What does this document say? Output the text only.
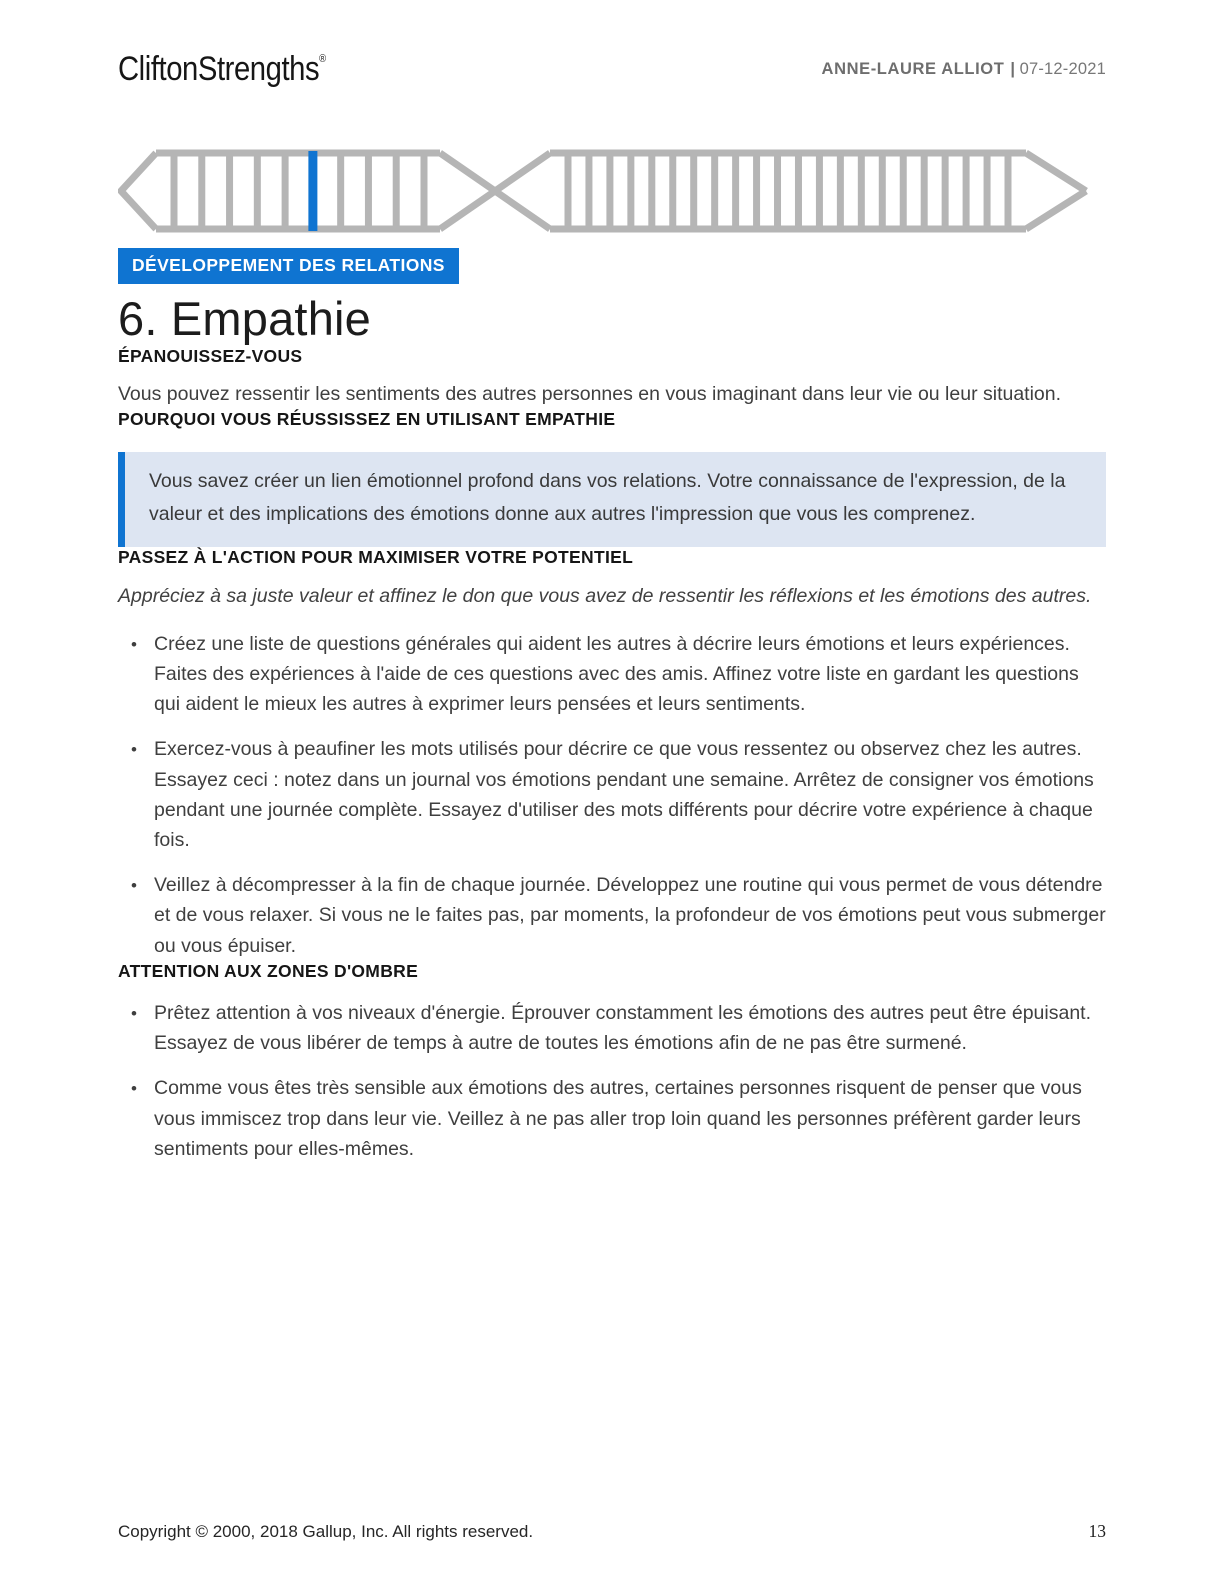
CliftonStrengths®
ANNE-LAURE ALLIOT | 07-12-2021
DÉVELOPPEMENT DES RELATIONS
6. Empathie
ÉPANOUISSEZ-VOUS

Vous pouvez ressentir les sentiments des autres personnes en vous imaginant dans leur vie ou leur situation.

POURQUOI VOUS RÉUSSISSEZ EN UTILISANT EMPATHIE

Vous savez créer un lien émotionnel profond dans vos relations. Votre connaissance de l'expression, de la valeur et des implications des émotions donne aux autres l'impression que vous les comprenez.

PASSEZ À L'ACTION POUR MAXIMISER VOTRE POTENTIEL

Appréciez à sa juste valeur et affinez le don que vous avez de ressentir les réflexions et les émotions des autres.

•
Créez une liste de questions générales qui aident les autres à décrire leurs émotions et leurs expériences. Faites des expériences à l'aide de ces questions avec des amis. Affinez votre liste en gardant les questions qui aident le mieux les autres à exprimer leurs pensées et leurs sentiments.
•
Exercez-vous à peaufiner les mots utilisés pour décrire ce que vous ressentez ou observez chez les autres. Essayez ceci : notez dans un journal vos émotions pendant une semaine. Arrêtez de consigner vos émotions pendant une journée complète. Essayez d'utiliser des mots différents pour décrire votre expérience à chaque fois.
•
Veillez à décompresser à la fin de chaque journée. Développez une routine qui vous permet de vous détendre et de vous relaxer. Si vous ne le faites pas, par moments, la profondeur de vos émotions peut vous submerger ou vous épuiser.
ATTENTION AUX ZONES D'OMBRE
•
Prêtez attention à vos niveaux d'énergie. Éprouver constamment les émotions des autres peut être épuisant. Essayez de vous libérer de temps à autre de toutes les émotions afin de ne pas être surmené.
•
Comme vous êtes très sensible aux émotions des autres, certaines personnes risquent de penser que vous vous immiscez trop dans leur vie. Veillez à ne pas aller trop loin quand les personnes préfèrent garder leurs sentiments pour elles-mêmes.
Copyright © 2000, 2018 Gallup, Inc. All rights reserved.	13
